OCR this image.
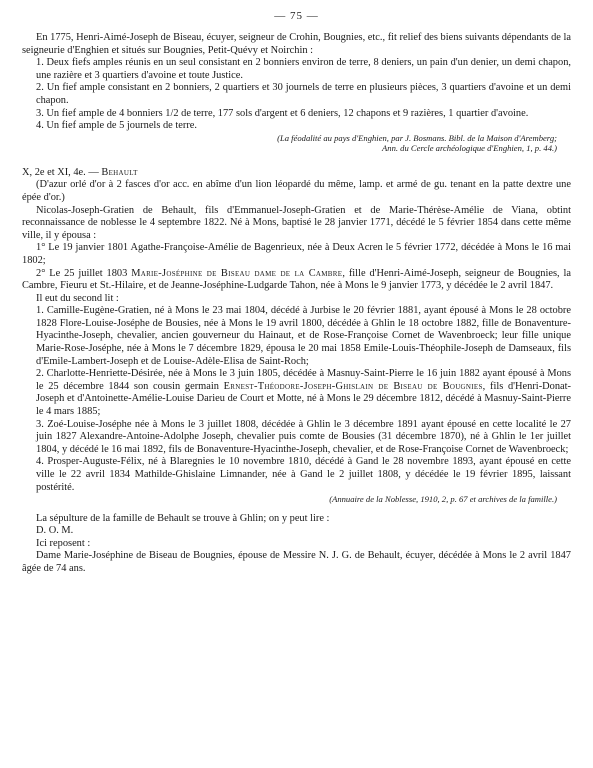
— 75 —

En 1775, Henri-Aimé-Joseph de Biseau, écuyer, seigneur de Crohin, Bougnies, etc., fit relief des biens suivants dépendants de la seigneurie d'Enghien et situés sur Bougnies, Petit-Quévy et Noirchin :

1. Deux fiefs amples réunis en un seul consistant en 2 bonniers environ de terre, 8 deniers, un pain d'un denier, un demi chapon, une razière et 3 quartiers d'avoine et toute Justice.

2. Un fief ample consistant en 2 bonniers, 2 quartiers et 30 journels de terre en plusieurs pièces, 3 quartiers d'avoine et un demi chapon.

3. Un fief ample de 4 bonniers 1/2 de terre, 177 sols d'argent et 6 deniers, 12 chapons et 9 razières, 1 quartier d'avoine.

4. Un fief ample de 5 journels de terre.

(La féodalité au pays d'Enghien, par J. Bosmans. Bibl. de la Maison d'Aremberg;

Ann. du Cercle archéologique d'Enghien, 1, p. 44.)

X, 2e et XI, 4e. — Behault

(D'azur orlé d'or à 2 fasces d'or acc. en abîme d'un lion léopardé du même, lamp. et armé de gu. tenant en la patte dextre une épée d'or.)

Nicolas-Joseph-Gratien de Behault, fils d'Emmanuel-Joseph-Gratien et de Marie-Thérèse-Amélie de Viana, obtint reconnaissance de noblesse le 4 septembre 1822. Né à Mons, baptisé le 28 janvier 1771, décédé le 5 février 1854 dans cette même ville, il y épousa :

1° Le 19 janvier 1801 Agathe-Françoise-Amélie de Bagenrieux, née à Deux Acren le 5 février 1772, décédée à Mons le 16 mai 1802;

2° Le 25 juillet 1803 Marie-Joséphine de Biseau dame de la Cambre, fille d'Henri-Aimé-Joseph, seigneur de Bougnies, la Cambre, Fieuru et St.-Hilaire, et de Jeanne-Joséphine-Ludgarde Tahon, née à Mons le 9 janvier 1773, y décédée le 2 avril 1847.

Il eut du second lit :

1. Camille-Eugène-Gratien, né à Mons le 23 mai 1804, décédé à Jurbise le 20 février 1881, ayant épousé à Mons le 28 octobre 1828 Flore-Louise-Joséphe de Bousies, née à Mons le 19 avril 1800, décédée à Ghlin le 18 octobre 1882, fille de Bonaventure-Hyacinthe-Joseph, chevalier, ancien gouverneur du Hainaut, et de Rose-Françoise Cornet de Wavenbroeck; leur fille unique Marie-Rose-Joséphe, née à Mons le 7 décembre 1829, épousa le 20 mai 1858 Emile-Louis-Théophile-Joseph de Damseaux, fils d'Emile-Lambert-Joseph et de Louise-Adèle-Elisa de Saint-Roch;

2. Charlotte-Henriette-Désirée, née à Mons le 3 juin 1805, décédée à Masnuy-Saint-Pierre le 16 juin 1882 ayant épousé à Mons le 25 décembre 1844 son cousin germain Ernest-Théodore-Joseph-Ghislain de Biseau de Bougnies, fils d'Henri-Donat-Joseph et d'Antoinette-Amélie-Louise Darieu de Court et Motte, né à Mons le 29 décembre 1812, décédé à Masnuy-Saint-Pierre le 4 mars 1885;

3. Zoé-Louise-Joséphe née à Mons le 3 juillet 1808, décédée à Ghlin le 3 décembre 1891 ayant épousé en cette localité le 27 juin 1827 Alexandre-Antoine-Adolphe Joseph, chevalier puis comte de Bousies (31 décembre 1870), né à Ghlin le 1er juillet 1804, y décédé le 16 mai 1892, fils de Bonaventure-Hyacinthe-Joseph, chevalier, et de Rose-Françoise Cornet de Wavenbroeck;

4. Prosper-Auguste-Félix, né à Blaregnies le 10 novembre 1810, décédé à Gand le 28 novembre 1893, ayant épousé en cette ville le 22 avril 1834 Mathilde-Ghislaine Limnander, née à Gand le 2 juillet 1808, y décédée le 19 février 1895, laissant postérité.

(Annuaire de la Noblesse, 1910, 2, p. 67 et archives de la famille.)

La sépulture de la famille de Behault se trouve à Ghlin; on y peut lire :

D. O. M.

Ici reposent :

Dame Marie-Joséphine de Biseau de Bougnies, épouse de Messire N. J. G. de Behault, écuyer, décédée à Mons le 2 avril 1847 âgée de 74 ans.
